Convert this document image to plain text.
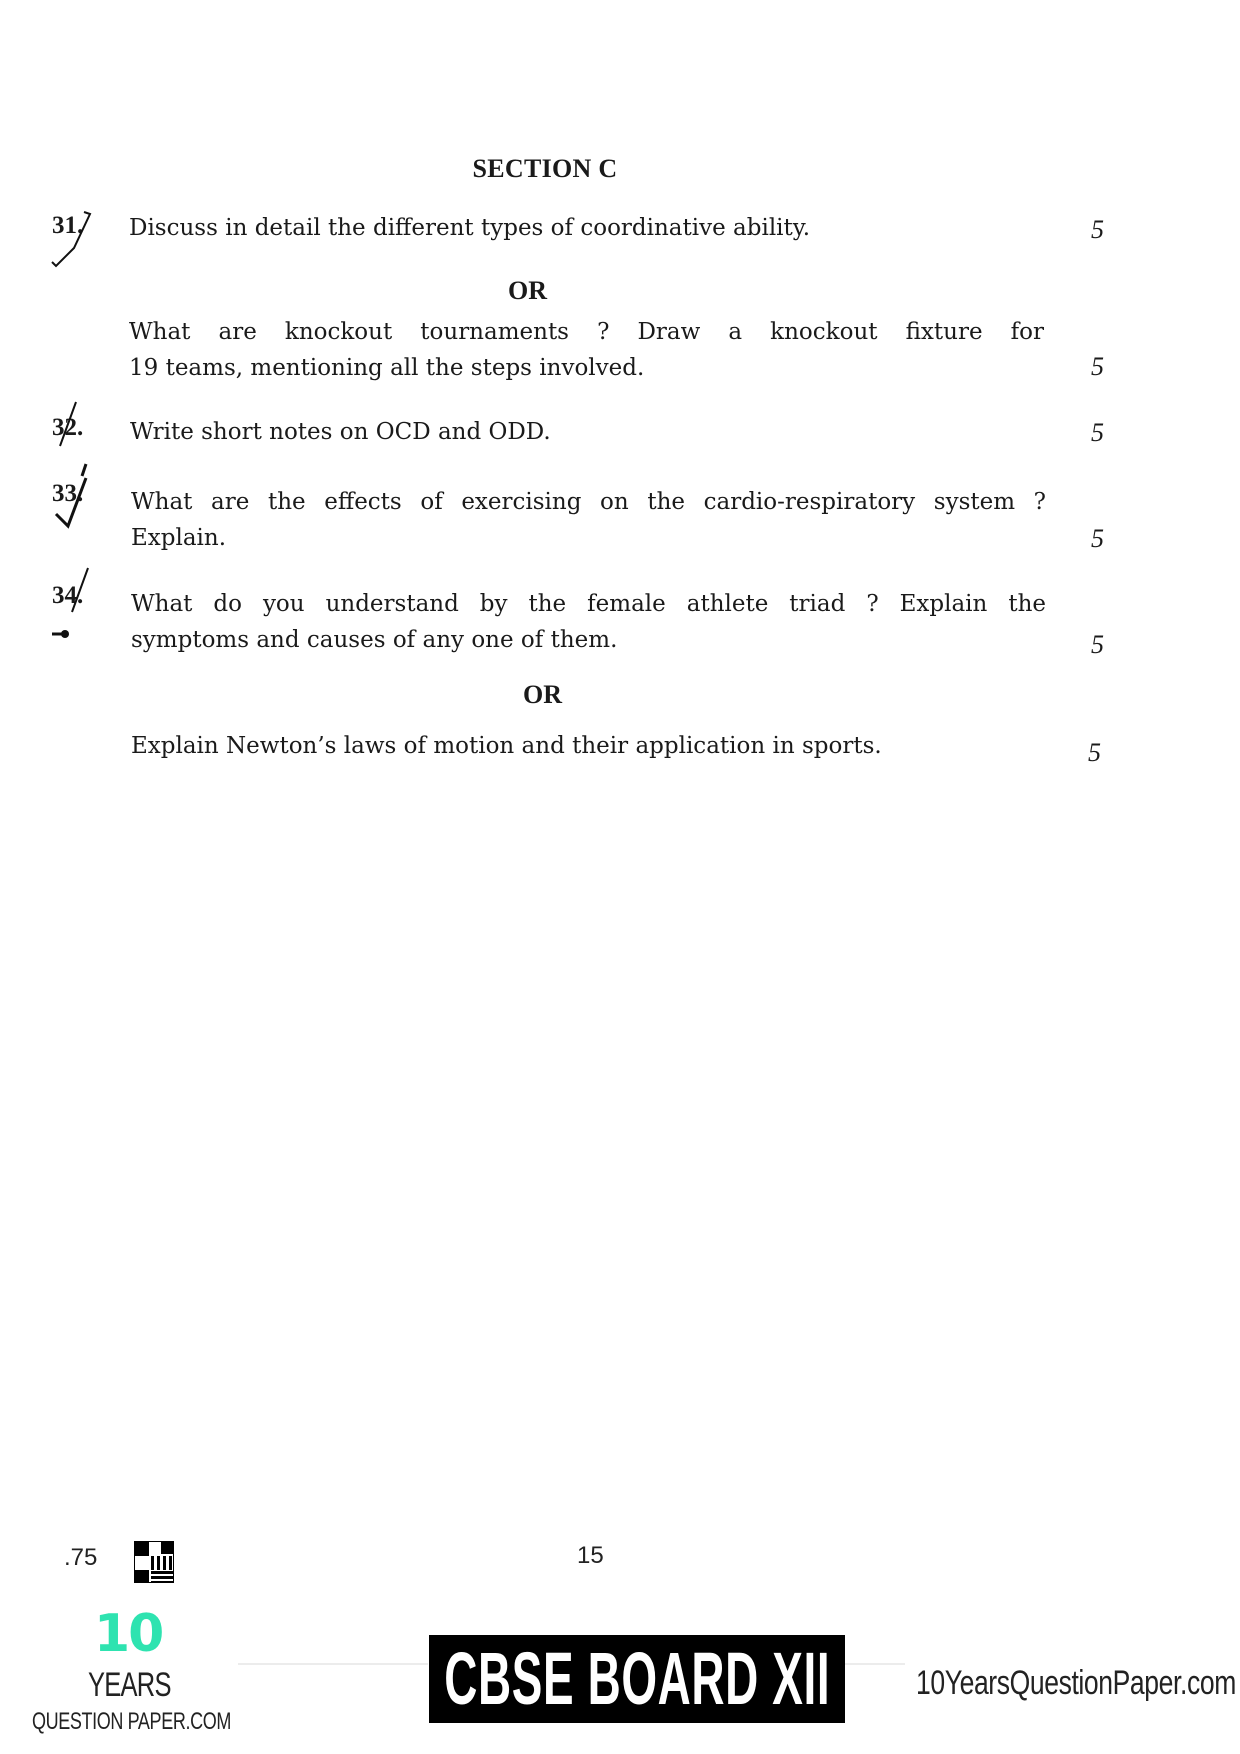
SECTION C
31. Discuss in detail the different types of coordinative ability.	5
OR
What are knockout tournaments ? Draw a knockout fixture for
19 teams, mentioning all the steps involved.	5
32. Write short notes on OCD and ODD.	5
33. What are the effects of exercising on the cardio-respiratory system ?
Explain.	5
34. What do you understand by the female athlete triad ? Explain the
symptoms and causes of any one of them.	5
OR
Explain Newton’s laws of motion and their application in sports.	5
.75	15
10
YEARS
QUESTION PAPER.COM
CBSE BOARD XII	10YearsQuestionPaper.com
